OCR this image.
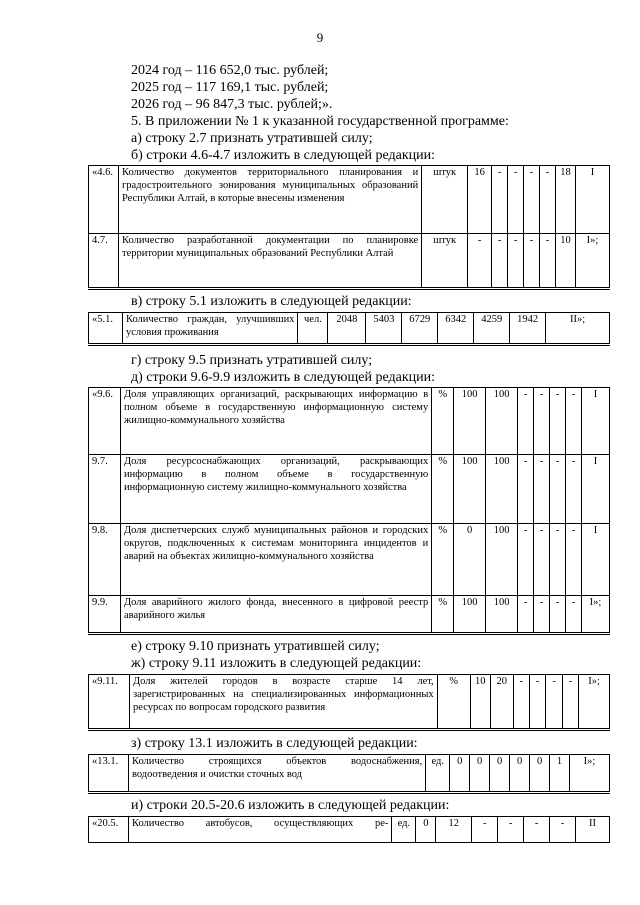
9
2024 год – 116 652,0 тыс. рублей;
2025 год – 117 169,1 тыс. рублей;
2026 год – 96 847,3 тыс. рублей;».
5. В приложении № 1 к указанной государственной программе:
а) строку 2.7 признать утратившей силу;
б) строки 4.6-4.7 изложить в следующей редакции:
«4.6.	Количество документов территориального планирования и градостроительного зонирования муниципальных образований Республики Алтай, в которые внесены изменения	штук	16	-	-	-	-	18	I
4.7.	Количество разработанной документации по планировке территории муниципальных образований Республики Алтай	штук	-	-	-	-	-	10	I»;
в) строку 5.1 изложить в следующей редакции:
«5.1.	Количество граждан, улучшивших условия проживания	чел.	2048	5403	6729	6342	4259	1942	II»;
г) строку 9.5 признать утратившей силу;
д) строки 9.6-9.9 изложить в следующей редакции:
«9.6.	Доля управляющих организаций, раскрывающих информацию в полном объеме в государственную информационную систему жилищно-коммунального хозяйства	%	100	100	-	-	-	-	I
9.7.	Доля ресурсоснабжающих организаций, раскрывающих информацию в полном объеме в государственную информационную систему жилищно-коммунального хозяйства	%	100	100	-	-	-	-	I
9.8.	Доля диспетчерских служб муниципальных районов и городских округов, подключенных к системам мониторинга инцидентов и аварий на объектах жилищно-коммунального хозяйства	%	0	100	-	-	-	-	I
9.9.	Доля аварийного жилого фонда, внесенного в цифровой реестр аварийного жилья	%	100	100	-	-	-	-	I»;
е) строку 9.10 признать утратившей силу;
ж) строку 9.11 изложить в следующей редакции:
«9.11.	Доля жителей городов в возрасте старше 14 лет, зарегистрированных на специализированных информационных ресурсах по вопросам городского развития	%	10	20	-	-	-	-	I»;
з) строку 13.1 изложить в следующей редакции:
«13.1.	Количество строящихся объектов водоснабжения, водоотведения и очистки сточных вод	ед.	0	0	0	0	0	1	I»;
и) строки 20.5-20.6 изложить в следующей редакции:
«20.5.	Количество автобусов, осуществляющих ре-	ед.	0	12	-	-	-	-	II
